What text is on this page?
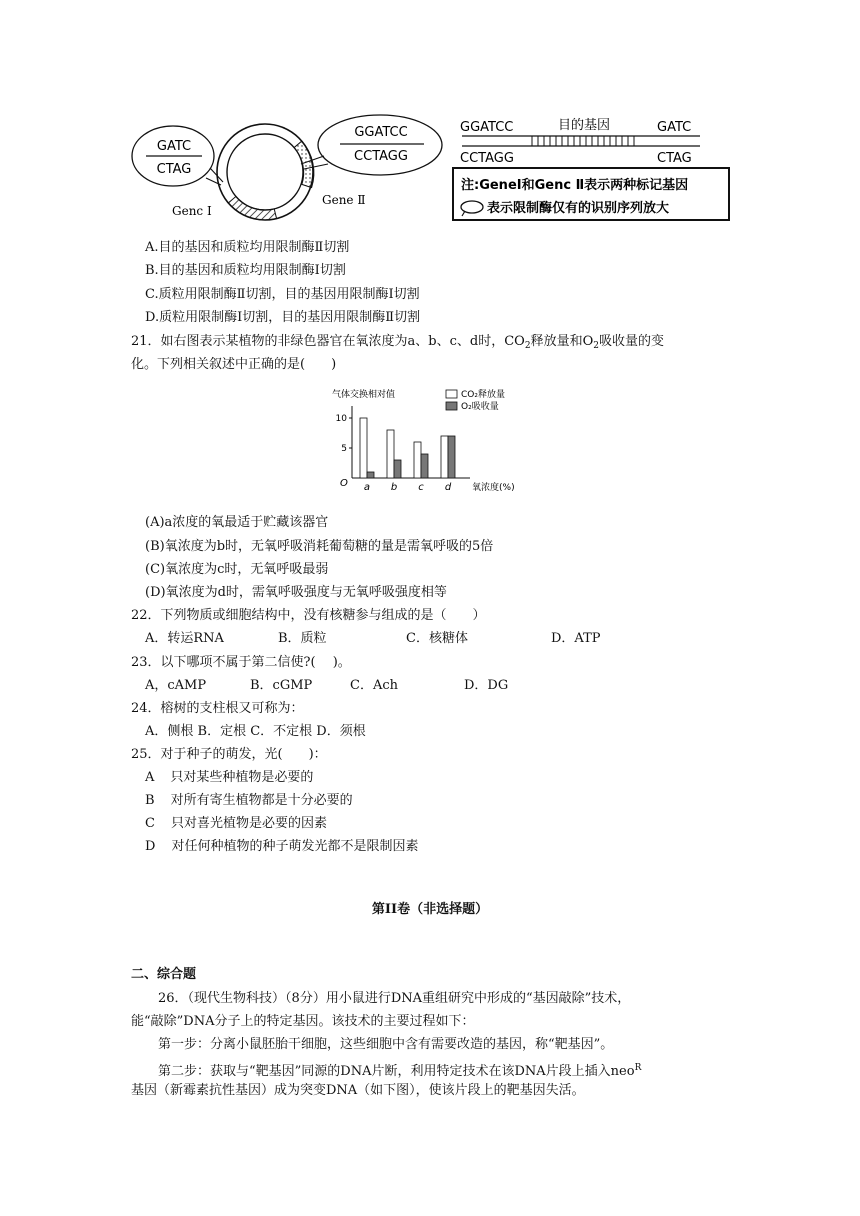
GATC
CTAG
GGATCC
CCTAGG
Genc Ⅰ
Gene Ⅱ
GGATCC	目的基因	GATC
CCTAGG	CTAG
注:GeneⅠ和Genc Ⅱ表示两种标记基因
表示限制酶仅有的识别序列放大
A.目的基因和质粒均用限制酶Ⅱ切割
B.目的基因和质粒均用限制酶Ⅰ切割
C.质粒用限制酶Ⅱ切割，目的基因用限制酶Ⅰ切割
D.质粒用限制酶Ⅰ切割，目的基因用限制酶Ⅱ切割
21．如右图表示某植物的非绿色器官在氧浓度为a、b、c、d时，$CO_2$释放量和$O_2$吸收量的变
化。下列相关叙述中正确的是(　　)
气体交换相对值	CO₂释放量
O₂吸收量
O	氧浓度(%)
5
10
a b c d
(A)a浓度的氧最适于贮藏该器官
(B)氧浓度为b时，无氧呼吸消耗葡萄糖的量是需氧呼吸的5倍
(C)氧浓度为c时，无氧呼吸最弱
(D)氧浓度为d时，需氧呼吸强度与无氧呼吸强度相等
22．下列物质或细胞结构中，没有核糖参与组成的是（　　）
A．转运RNA	B．质粒	C．核糖体	D．ATP
23．以下哪项不属于第二信使?(　 )。
A，cAMP	B．cGMP	C．Ach	D．DG
24．榕树的支柱根又可称为：
A．侧根 B．定根 C．不定根 D．须根
25．对于种子的萌发，光(　　)：
A 只对某些种植物是必要的
B 对所有寄生植物都是十分必要的
C 只对喜光植物是必要的因素
D 对任何种植物的种子萌发光都不是限制因素
第II卷（非选择题）
二、综合题
26．（现代生物科技）（8分）用小鼠进行DNA重组研究中形成的“基因敲除”技术，
能“敲除”DNA分子上的特定基因。该技术的主要过程如下：
第一步：分离小鼠胚胎干细胞，这些细胞中含有需要改造的基因，称“靶基因”。
第二步：获取与“靶基因”同源的DNA片断，利用特定技术在该DNA片段上插入neo$^R$
基因（新霉素抗性基因）成为突变DNA（如下图），使该片段上的靶基因失活。
